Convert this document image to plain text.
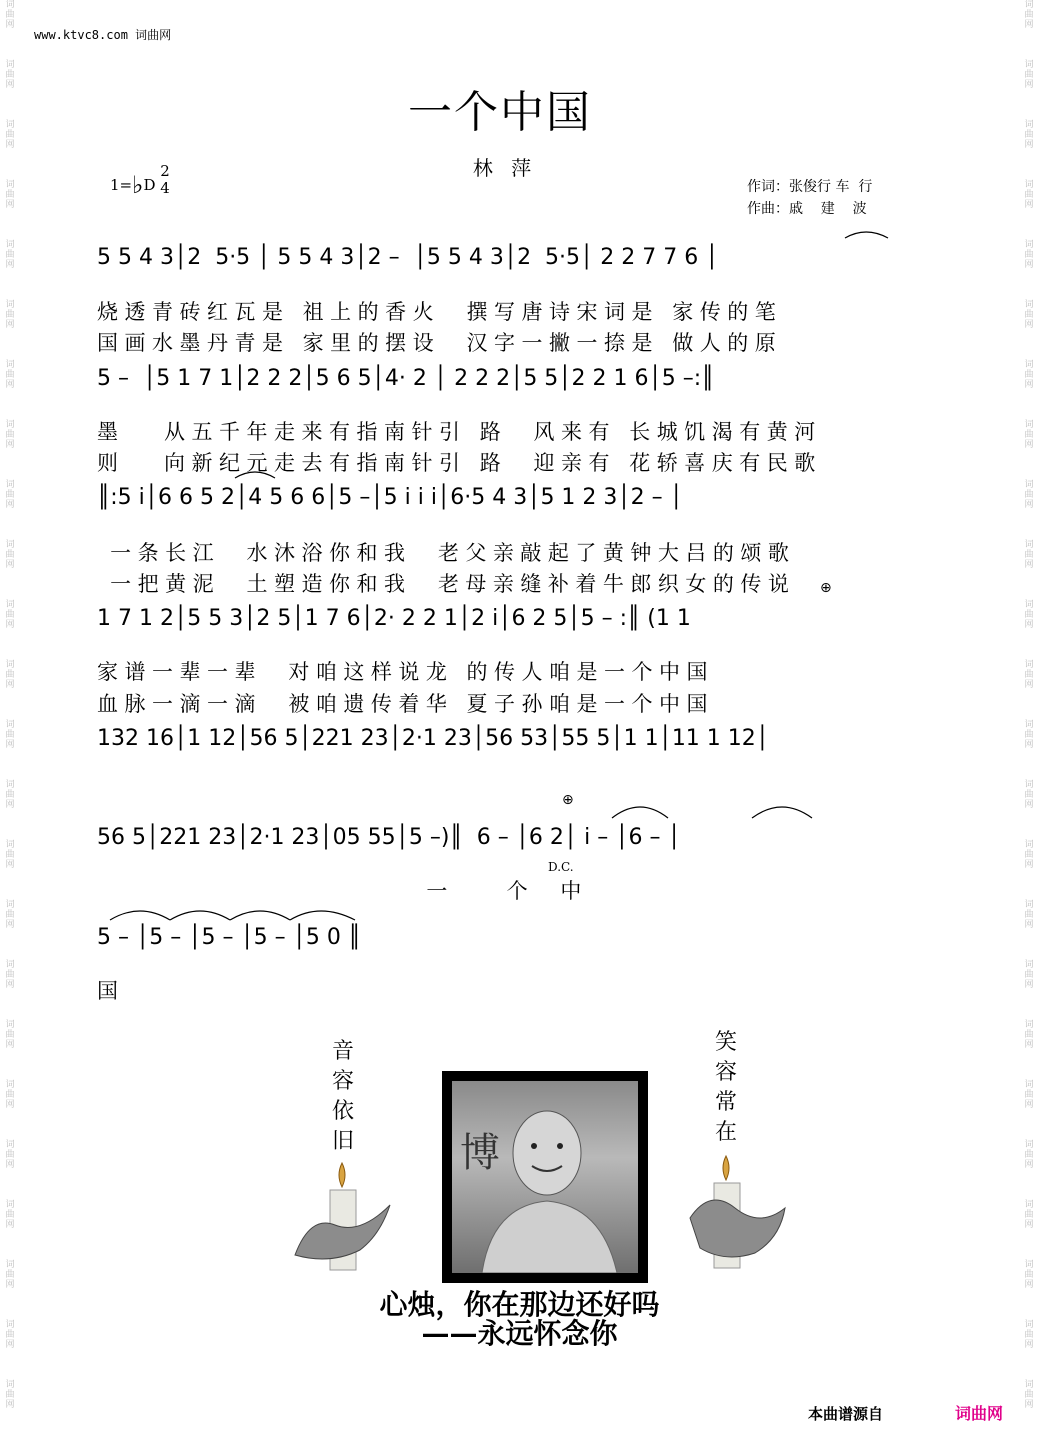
词
曲
网
词
曲
网
词
曲
网
词
曲
网
词
曲
网
词
曲
网
词
曲
网
词
曲
网
词
曲
网
词
曲
网
词
曲
网
词
曲
网
词
曲
网
词
曲
网
词
曲
网
词
曲
网
词
曲
网
词
曲
网
词
曲
网
词
曲
网
词
曲
网
词
曲
网
词
曲
网
词
曲
网
词
曲
网
词
曲
网
词
曲
网
词
曲
网
词
曲
网
词
曲
网
词
曲
网
词
曲
网
词
曲
网
词
曲
网
词
曲
网
词
曲
网
词
曲
网
词
曲
网
词
曲
网
词
曲
网
词
曲
网
词
曲
网
词
曲
网
词
曲
网
词
曲
网
词
曲
网
词
曲
网
词
曲
网
www.ktvc8.com 词曲网
一个中国
林 萍
1=♭D
2
4	作词：张俊行 车  行
作曲：戚    建    波
5 5 4 3│2  5·5 │ 5 5 4 3│2 –  │5 5 4 3│2  5·5│ 2 2 7 7 6 │
烧透青砖红瓦是 祖上的香火  撰写唐诗宋词是 家传的笔
国画水墨丹青是 家里的摆设  汉字一撇一捺是 做人的原
5 –  │5 1 7 1│2 2 2│5 6 5│4· 2 │ 2 2 2│5 5│2 2 1 6│5 –:║
墨   从五千年走来有指南针引 路  风来有 长城饥渴有黄河
则   向新纪元走去有指南针引 路  迎亲有 花轿喜庆有民歌
║:5 i│6 6 5 2│4 5 6 6│5 –│5 i i i│6·5 4 3│5 1 2 3│2 – │
一条长江  水沐浴你和我  老父亲敲起了黄钟大吕的颂歌
一把黄泥  土塑造你和我  老母亲缝补着牛郎织女的传说
1 7 1 2│5 5 3│2 5│1 7 6│2· 2 2 1│2 i│6 2 5│5 – :║ (1 1
家谱一辈一辈  对咱这样说龙 的传人咱是一个中国
血脉一滴一滴  被咱遗传着华 夏子孙咱是一个中国
132 16│1 12│56 5│221 23│2·1 23│56 53│55 5│1 1│11 1 12│
56 5│221 23│2·1 23│05 55│5 –)║  6 – │6 2│ i – │6 – │
D.C.
⊕
⊕
一    个  中
5 – │5 – │5 – │5 – │5 0 ║
国
音
容
依
旧
笑
容
常
在
博
心烛，你在那边还好吗
——永远怀念你
本曲谱源自	词曲网
